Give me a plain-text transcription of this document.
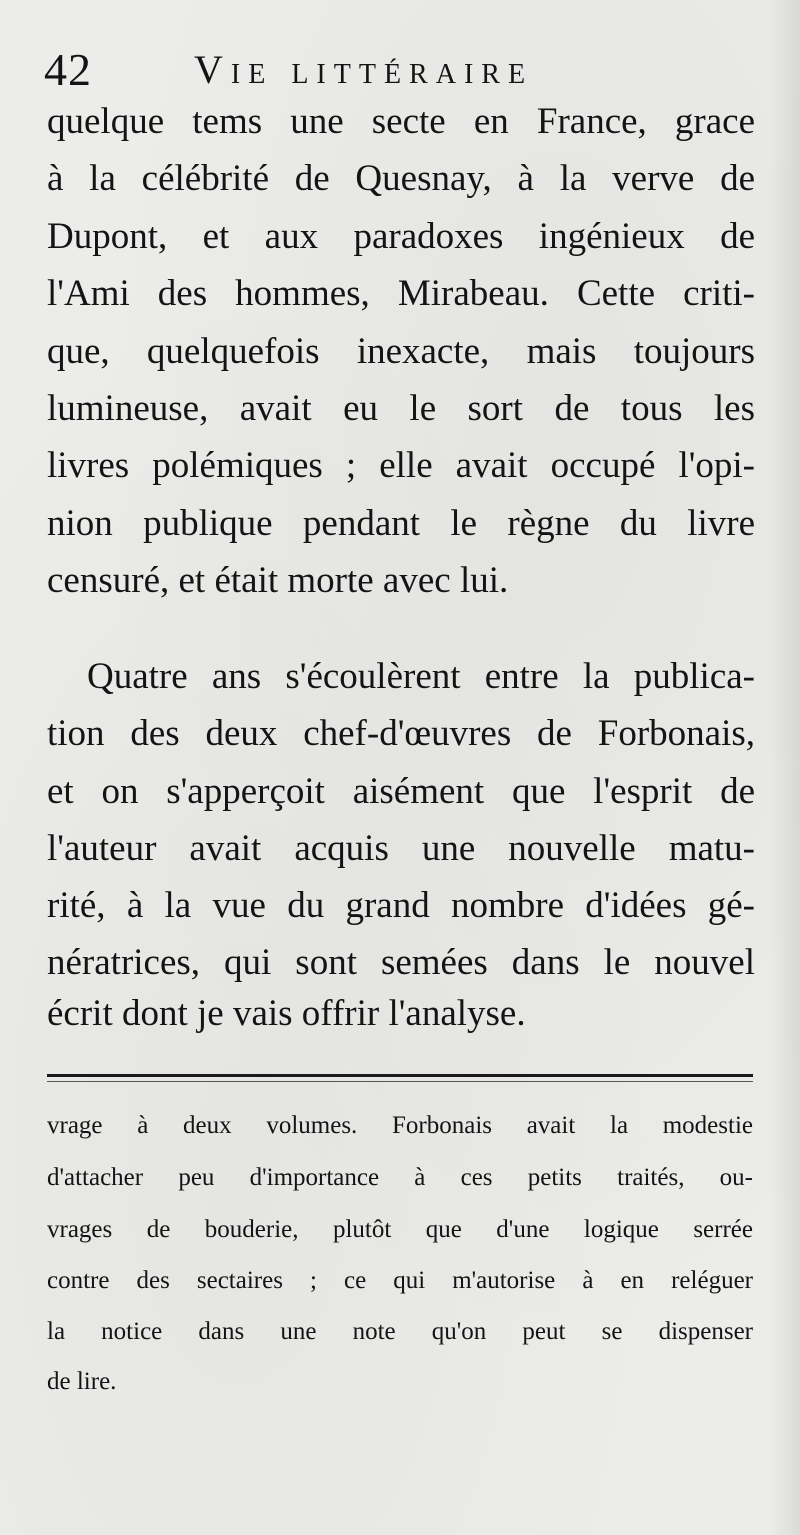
42	Vie littéraire
quelque tems une secte en France, grace
à la célébrité de Quesnay, à la verve de
Dupont, et aux paradoxes ingénieux de
l'Ami des hommes, Mirabeau. Cette criti-
que, quelquefois inexacte, mais toujours
lumineuse, avait eu le sort de tous les
livres polémiques ; elle avait occupé l'opi-
nion publique pendant le règne du livre
censuré, et était morte avec lui.
Quatre ans s'écoulèrent entre la publica-
tion des deux chef-d'œuvres de Forbonais,
et on s'apperçoit aisément que l'esprit de
l'auteur avait acquis une nouvelle matu-
rité, à la vue du grand nombre d'idées gé-
nératrices, qui sont semées dans le nouvel
écrit dont je vais offrir l'analyse.
vrage à deux volumes. Forbonais avait la modestie
d'attacher peu d'importance à ces petits traités, ou-
vrages de bouderie, plutôt que d'une logique serrée
contre des sectaires ; ce qui m'autorise à en reléguer
la notice dans une note qu'on peut se dispenser
de lire.
